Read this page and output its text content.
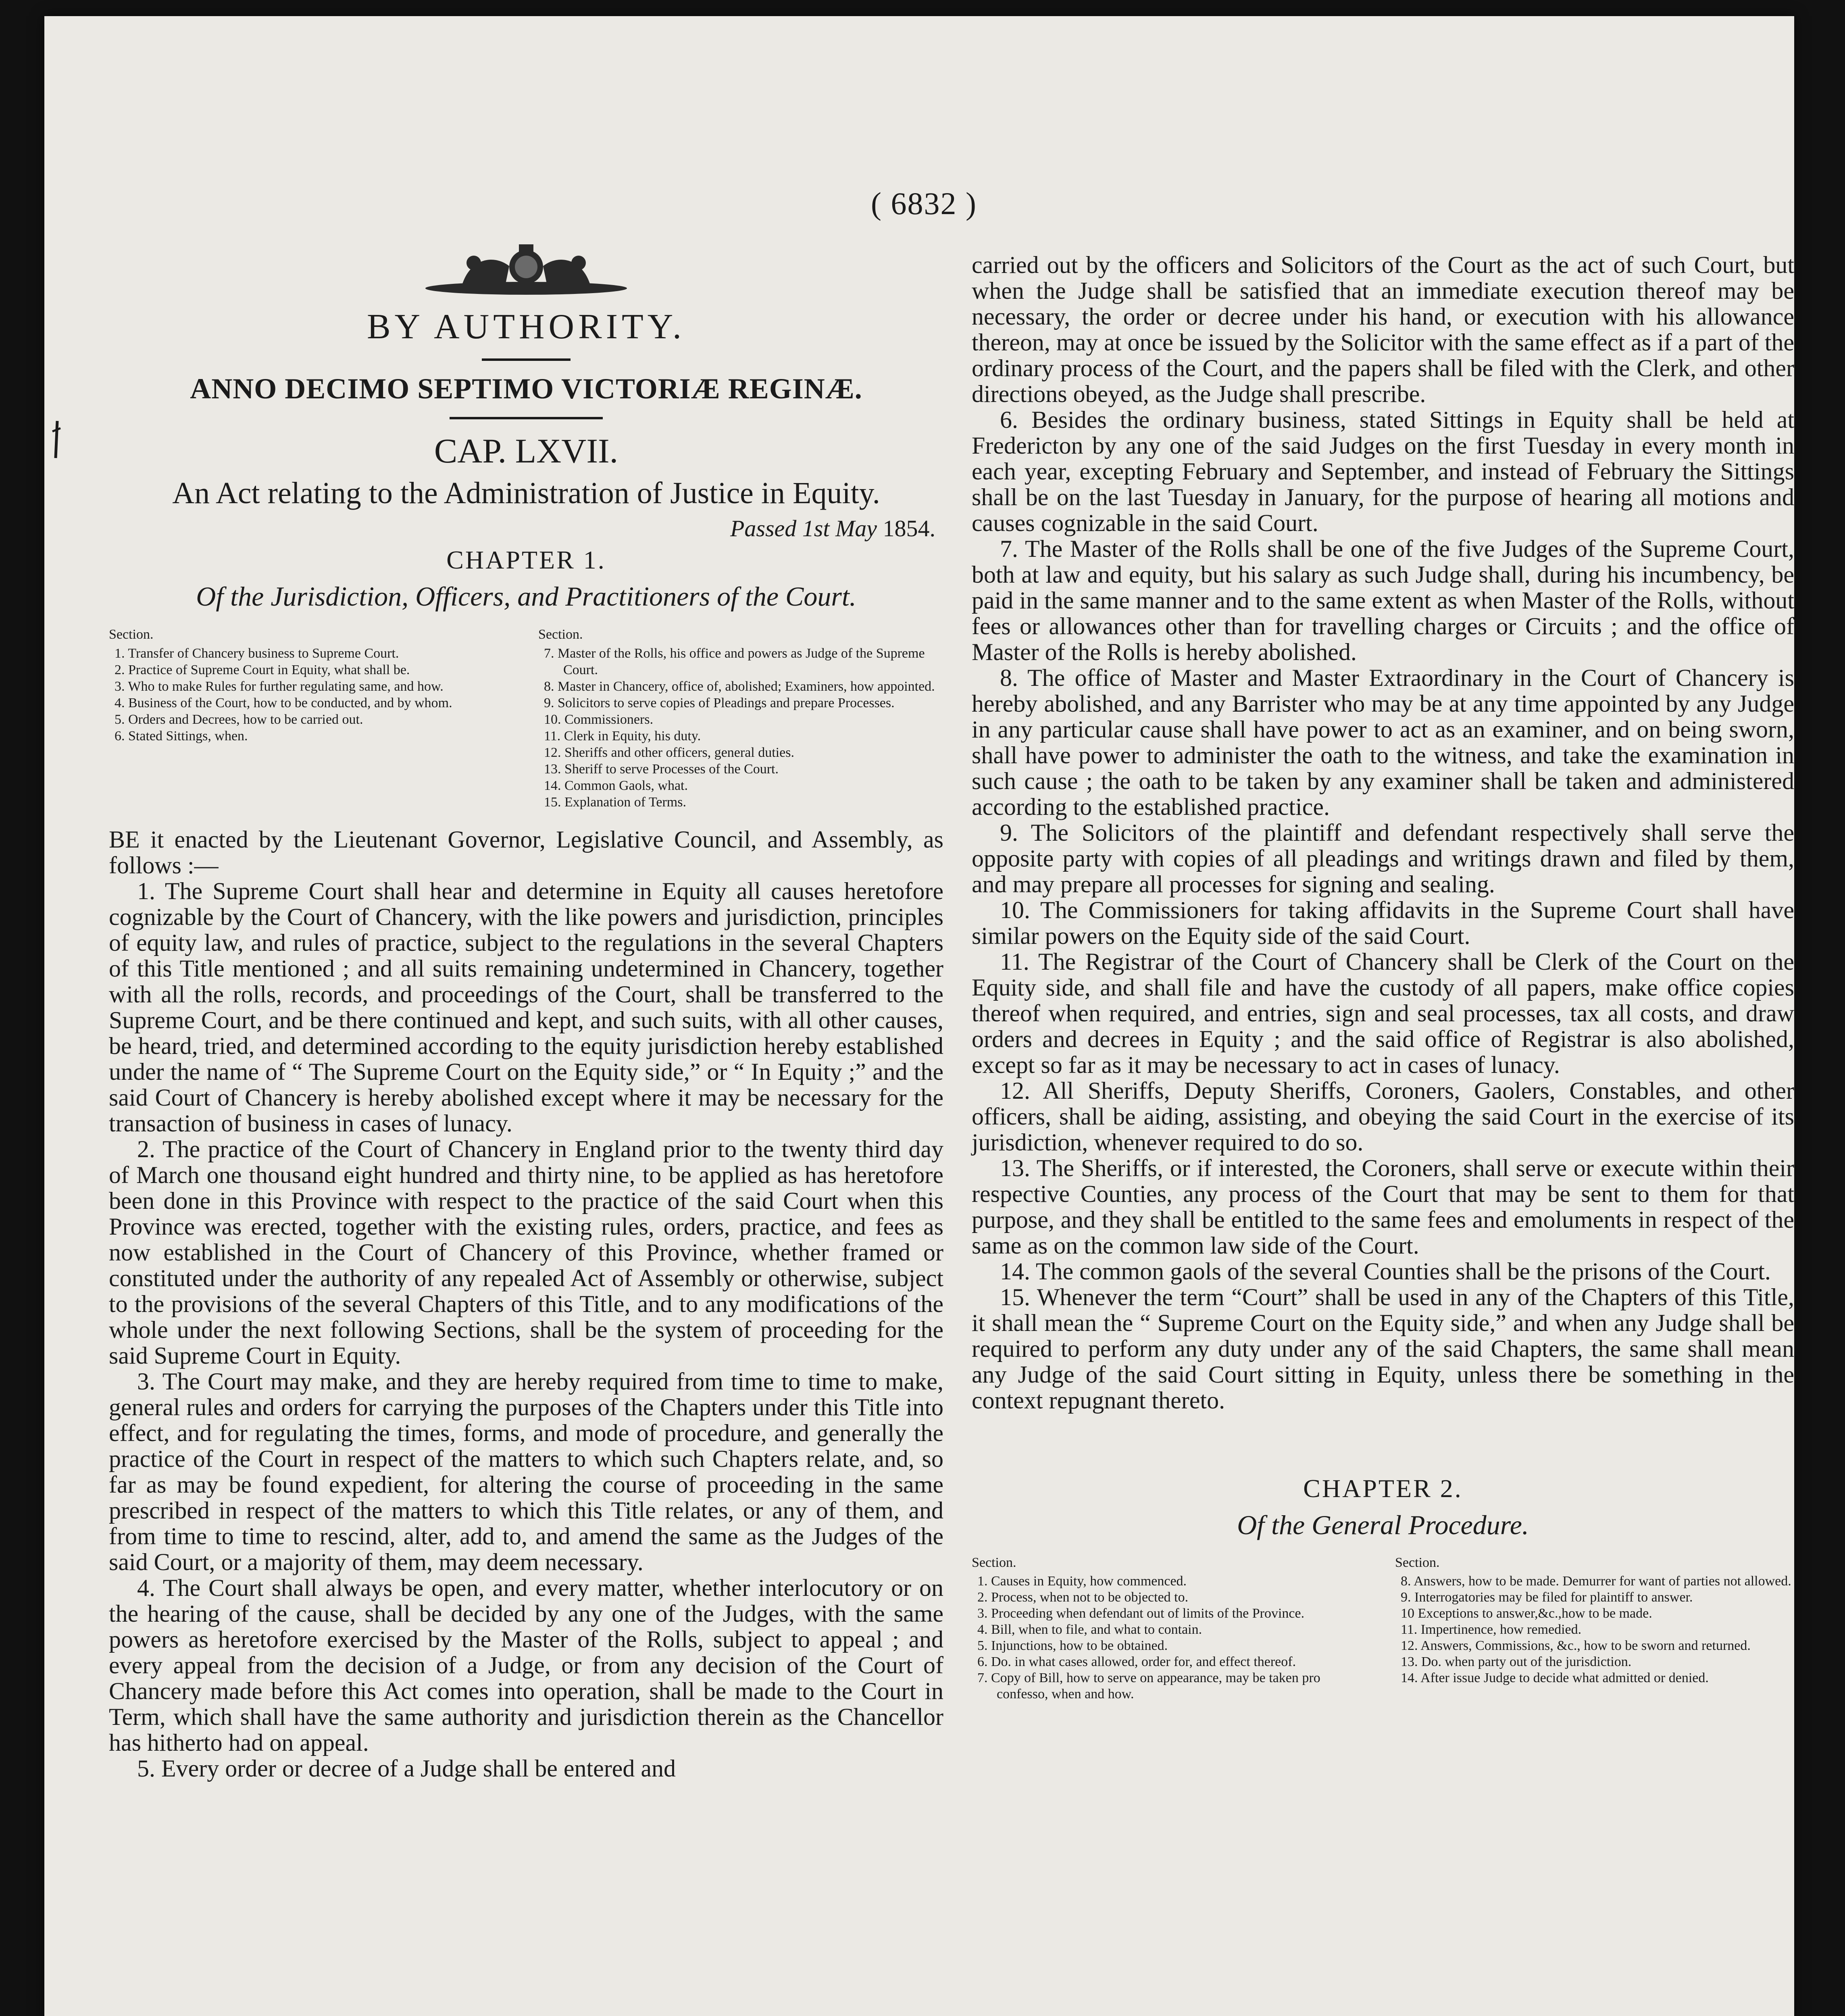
( 6832 )
BY AUTHORITY.
ANNO DECIMO SEPTIMO VICTORIÆ REGINÆ.
CAP. LXVII.
An Act relating to the Administration of Justice in Equity.
Passed 1st May 1854.
CHAPTER 1.
Of the Jurisdiction, Officers, and Practitioners of the Court.
Section.
1. Transfer of Chancery business to Supreme Court.
2. Practice of Supreme Court in Equity, what shall be.
3. Who to make Rules for further regulating same, and how.
4. Business of the Court, how to be conducted, and by whom.
5. Orders and Decrees, how to be carried out.
6. Stated Sittings, when.
Section.
7. Master of the Rolls, his office and powers as Judge of the Supreme Court.
8. Master in Chancery, office of, abolished; Examiners, how appointed.
9. Solicitors to serve copies of Pleadings and prepare Processes.
10. Commissioners.
11. Clerk in Equity, his duty.
12. Sheriffs and other officers, general duties.
13. Sheriff to serve Processes of the Court.
14. Common Gaols, what.
15. Explanation of Terms.

BE it enacted by the Lieutenant Governor, Legislative Council, and Assembly, as follows :—

1. The Supreme Court shall hear and determine in Equity all causes heretofore cognizable by the Court of Chancery, with the like powers and jurisdiction, principles of equity law, and rules of practice, subject to the regulations in the several Chapters of this Title mentioned ; and all suits remaining undetermined in Chancery, together with all the rolls, records, and proceedings of the Court, shall be transferred to the Supreme Court, and be there continued and kept, and such suits, with all other causes, be heard, tried, and determined according to the equity jurisdiction hereby established under the name of “ The Supreme Court on the Equity side,” or “ In Equity ;” and the said Court of Chancery is hereby abolished except where it may be necessary for the transaction of business in cases of lunacy.

2. The practice of the Court of Chancery in England prior to the twenty third day of March one thousand eight hundred and thirty nine, to be applied as has heretofore been done in this Province with respect to the practice of the said Court when this Province was erected, together with the existing rules, orders, practice, and fees as now established in the Court of Chancery of this Province, whether framed or constituted under the authority of any repealed Act of Assembly or otherwise, subject to the provisions of the several Chapters of this Title, and to any modifications of the whole under the next following Sections, shall be the system of proceeding for the said Supreme Court in Equity.

3. The Court may make, and they are hereby required from time to time to make, general rules and orders for carrying the purposes of the Chapters under this Title into effect, and for regulating the times, forms, and mode of procedure, and generally the practice of the Court in respect of the matters to which such Chapters relate, and, so far as may be found expedient, for altering the course of proceeding in the same prescribed in respect of the matters to which this Title relates, or any of them, and from time to time to rescind, alter, add to, and amend the same as the Judges of the said Court, or a majority of them, may deem necessary.

4. The Court shall always be open, and every matter, whether interlocutory or on the hearing of the cause, shall be decided by any one of the Judges, with the same powers as heretofore exercised by the Master of the Rolls, subject to appeal ; and every appeal from the decision of a Judge, or from any decision of the Court of Chancery made before this Act comes into operation, shall be made to the Court in Term, which shall have the same authority and jurisdiction therein as the Chancellor has hitherto had on appeal.

5. Every order or decree of a Judge shall be entered and

carried out by the officers and Solicitors of the Court as the act of such Court, but when the Judge shall be satisfied that an immediate execution thereof may be necessary, the order or decree under his hand, or execution with his allowance thereon, may at once be issued by the Solicitor with the same effect as if a part of the ordinary process of the Court, and the papers shall be filed with the Clerk, and other directions obeyed, as the Judge shall prescribe.

6. Besides the ordinary business, stated Sittings in Equity shall be held at Fredericton by any one of the said Judges on the first Tuesday in every month in each year, excepting February and September, and instead of February the Sittings shall be on the last Tuesday in January, for the purpose of hearing all motions and causes cognizable in the said Court.

7. The Master of the Rolls shall be one of the five Judges of the Supreme Court, both at law and equity, but his salary as such Judge shall, during his incumbency, be paid in the same manner and to the same extent as when Master of the Rolls, without fees or allowances other than for travelling charges or Circuits ; and the office of Master of the Rolls is hereby abolished.

8. The office of Master and Master Extraordinary in the Court of Chancery is hereby abolished, and any Barrister who may be at any time appointed by any Judge in any particular cause shall have power to act as an examiner, and on being sworn, shall have power to administer the oath to the witness, and take the examination in such cause ; the oath to be taken by any examiner shall be taken and administered according to the established practice.

9. The Solicitors of the plaintiff and defendant respectively shall serve the opposite party with copies of all pleadings and writings drawn and filed by them, and may prepare all processes for signing and sealing.

10. The Commissioners for taking affidavits in the Supreme Court shall have similar powers on the Equity side of the said Court.

11. The Registrar of the Court of Chancery shall be Clerk of the Court on the Equity side, and shall file and have the custody of all papers, make office copies thereof when required, and entries, sign and seal processes, tax all costs, and draw orders and decrees in Equity ; and the said office of Registrar is also abolished, except so far as it may be necessary to act in cases of lunacy.

12. All Sheriffs, Deputy Sheriffs, Coroners, Gaolers, Constables, and other officers, shall be aiding, assisting, and obeying the said Court in the exercise of its jurisdiction, whenever required to do so.

13. The Sheriffs, or if interested, the Coroners, shall serve or execute within their respective Counties, any process of the Court that may be sent to them for that purpose, and they shall be entitled to the same fees and emoluments in respect of the same as on the common law side of the Court.

14. The common gaols of the several Counties shall be the prisons of the Court.

15. Whenever the term “Court” shall be used in any of the Chapters of this Title, it shall mean the “ Supreme Court on the Equity side,” and when any Judge shall be required to perform any duty under any of the said Chapters, the same shall mean any Judge of the said Court sitting in Equity, unless there be something in the context repugnant thereto.

CHAPTER 2.
Of the General Procedure.
Section.
1. Causes in Equity, how commenced.
2. Process, when not to be objected to.
3. Proceeding when defendant out of limits of the Province.
4. Bill, when to file, and what to contain.
5. Injunctions, how to be obtained.
6. Do. in what cases allowed, order for, and effect thereof.
7. Copy of Bill, how to serve on appearance, may be taken pro confesso, when and how.
Section.
8. Answers, how to be made. Demurrer for want of parties not allowed.
9. Interrogatories may be filed for plaintiff to answer.
10 Exceptions to answer,&c.,how to be made.
11. Impertinence, how remedied.
12. Answers, Commissions, &c., how to be sworn and returned.
13. Do. when party out of the jurisdiction.
14. After issue Judge to decide what admitted or denied.
